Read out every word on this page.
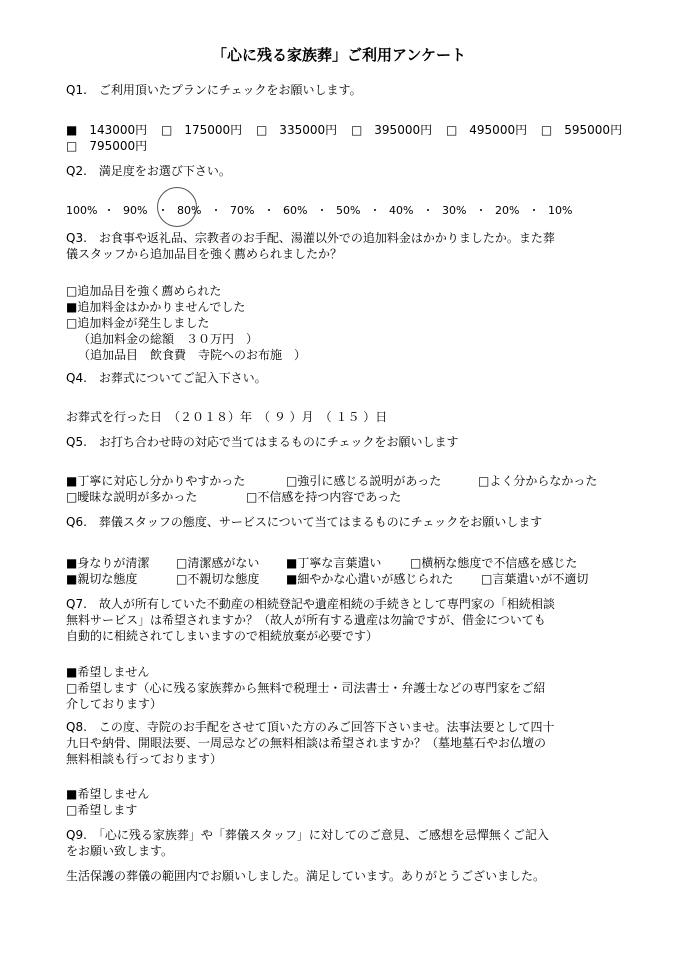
「心に残る家族葬」ご利用アンケート
Q1.　ご利用頂いたプランにチェックをお願いします。
■　143000円 □　175000円 □　335000円 □　395000円 □　495000円 □　595000円
□　795000円
Q2.　満足度をお選び下さい。
100% ・ 90% ・ 80% ・ 70% ・ 60% ・ 50% ・ 40% ・ 30% ・ 20% ・ 10%
Q3.　お食事や返礼品、宗教者のお手配、湯灌以外での追加料金はかかりましたか。また葬
儀スタッフから追加品目を強く薦められましたか？
□追加品目を強く薦められた
■追加料金はかかりませんでした
□追加料金が発生しました
　（追加料金の総額　３０万円　）
　（追加品目　飲食費　寺院へのお布施　）
Q4.　お葬式についてご記入下さい。
お葬式を行った日　（２０１８）年　（ ９ ）月　（ １５ ）日
Q5.　お打ち合わせ時の対応で当てはまるものにチェックをお願いします
■丁寧に対応し分かりやすかった	□強引に感じる説明があった	□よく分からなかった
□曖昧な説明が多かった	□不信感を持つ内容であった
Q6.　葬儀スタッフの態度、サービスについて当てはまるものにチェックをお願いします
■身なりが清潔 □清潔感がない ■丁寧な言葉遣い □横柄な態度で不信感を感じた
■親切な態度	□不親切な態度 ■細やかな心遣いが感じられた □言葉遣いが不適切
Q7.　故人が所有していた不動産の相続登記や遺産相続の手続きとして専門家の「相続相談
無料サービス」は希望されますか？（故人が所有する遺産は勿論ですが、借金についても
自動的に相続されてしまいますので相続放棄が必要です）
■希望しません
□希望します（心に残る家族葬から無料で税理士・司法書士・弁護士などの専門家をご紹
介しております）
Q8.　この度、寺院のお手配をさせて頂いた方のみご回答下さいませ。法事法要として四十
九日や納骨、開眼法要、一周忌などの無料相談は希望されますか？（墓地墓石やお仏壇の
無料相談も行っております）
■希望しません
□希望します
Q9.　「心に残る家族葬」や「葬儀スタッフ」に対してのご意見、ご感想を忌憚無くご記入
をお願い致します。
生活保護の葬儀の範囲内でお願いしました。満足しています。ありがとうございました。
